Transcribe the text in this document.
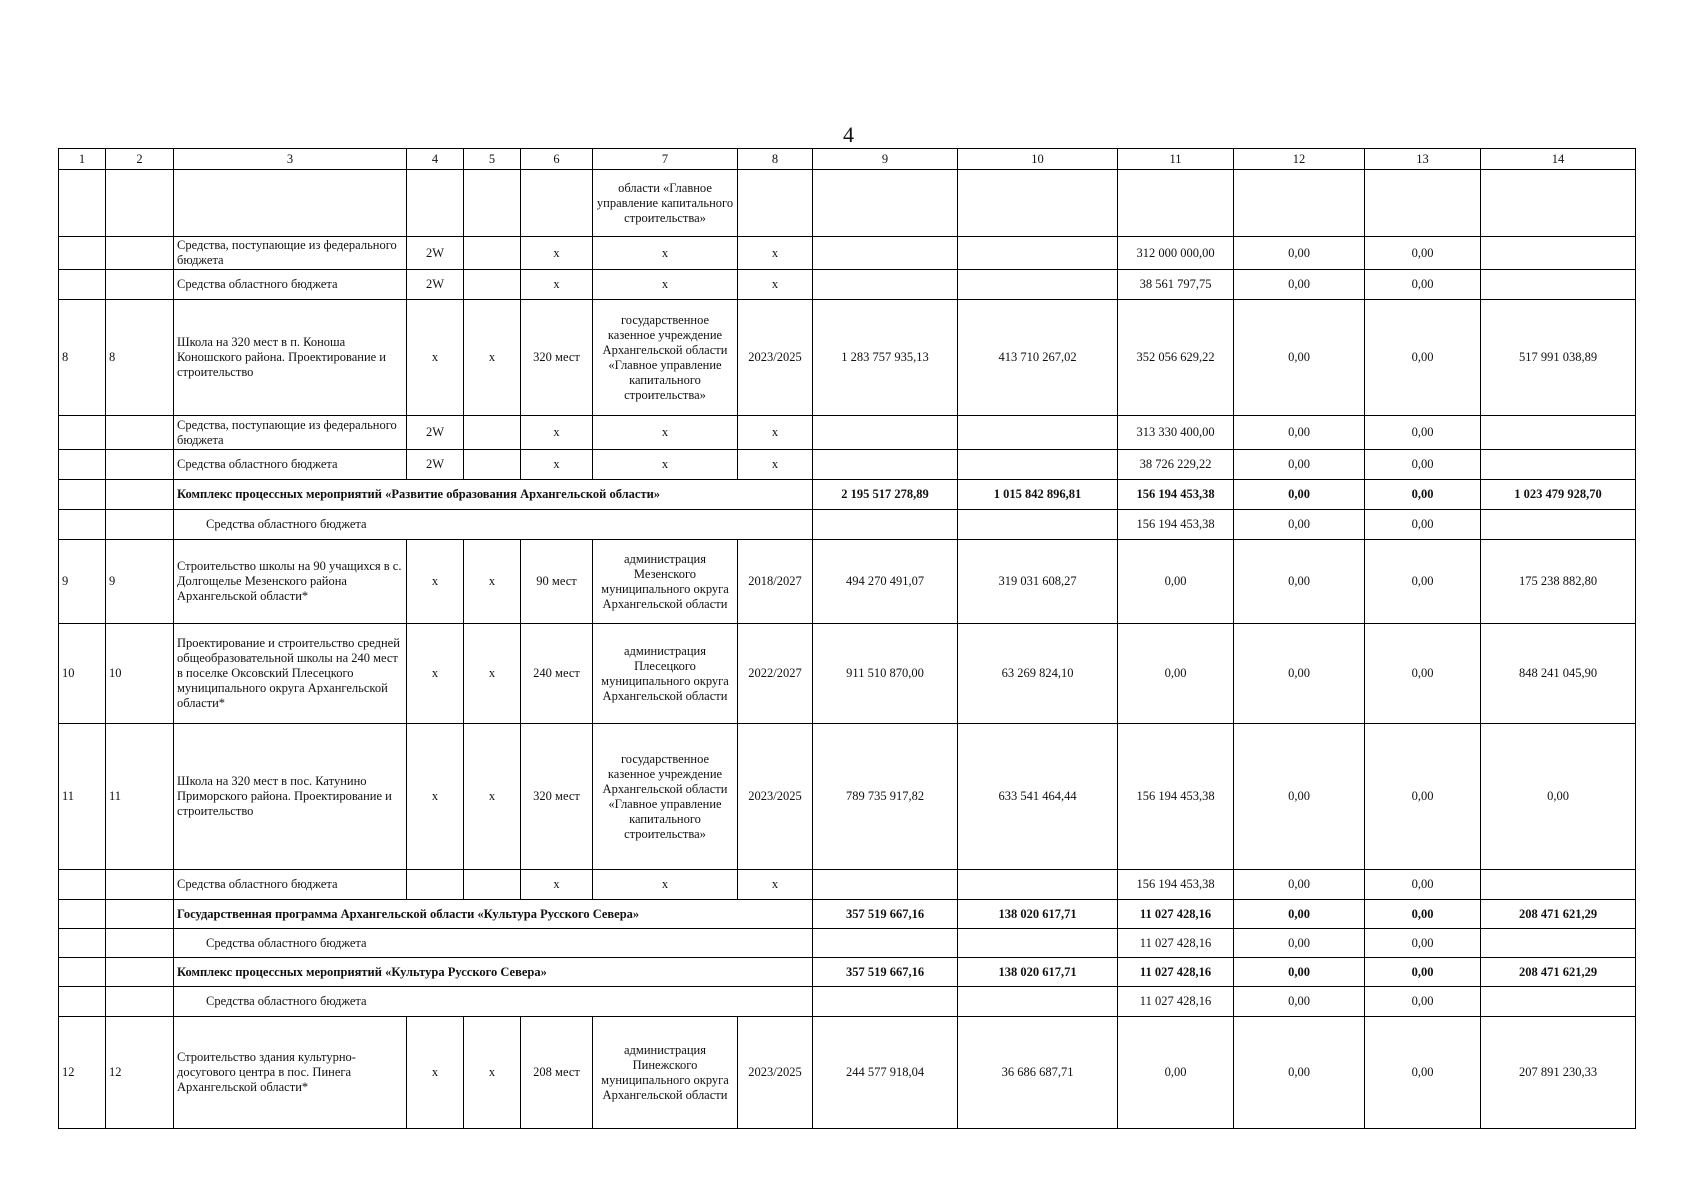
4
1	2	3	4	5	6	7	8	9	10	11	12	13	14
						области «Главное управление капитального строительства»							
		Средства, поступающие из федерального бюджета	2W		х	х	х			312 000 000,00	0,00	0,00	
		Средства областного бюджета	2W		х	х	х			38 561 797,75	0,00	0,00	
8	8	Школа на 320 мест в п. Коноша Коношского района. Проектирование и строительство	х	х	320 мест	государственное казенное учреждение Архангельской области «Главное управление капитального строительства»	2023/2025	1 283 757 935,13	413 710 267,02	352 056 629,22	0,00	0,00	517 991 038,89
		Средства, поступающие из федерального бюджета	2W		х	х	х			313 330 400,00	0,00	0,00	
		Средства областного бюджета	2W		х	х	х			38 726 229,22	0,00	0,00	
		Комплекс процессных мероприятий «Развитие образования Архангельской области»						2 195 517 278,89	1 015 842 896,81	156 194 453,38	0,00	0,00	1 023 479 928,70
		Средства областного бюджета								156 194 453,38	0,00	0,00	
9	9	Строительство школы на 90 учащихся в с. Долгощелье Мезенского района Архангельской области*	х	х	90 мест	администрация Мезенского муниципального округа Архангельской области	2018/2027	494 270 491,07	319 031 608,27	0,00	0,00	0,00	175 238 882,80
10	10	Проектирование и строительство средней общеобразовательной школы на 240 мест в поселке Оксовский Плесецкого муниципального округа Архангельской области*	х	х	240 мест	администрация Плесецкого муниципального округа Архангельской области	2022/2027	911 510 870,00	63 269 824,10	0,00	0,00	0,00	848 241 045,90
11	11	Школа на 320 мест в пос. Катунино Приморского района. Проектирование и строительство	х	х	320 мест	государственное казенное учреждение Архангельской области «Главное управление капитального строительства»	2023/2025	789 735 917,82	633 541 464,44	156 194 453,38	0,00	0,00	0,00
		Средства областного бюджета			х	х	х			156 194 453,38	0,00	0,00	
		Государственная программа Архангельской области «Культура Русского Севера»						357 519 667,16	138 020 617,71	11 027 428,16	0,00	0,00	208 471 621,29
		Средства областного бюджета								11 027 428,16	0,00	0,00	
		Комплекс процессных мероприятий «Культура Русского Севера»						357 519 667,16	138 020 617,71	11 027 428,16	0,00	0,00	208 471 621,29
		Средства областного бюджета								11 027 428,16	0,00	0,00	
12	12	Строительство здания культурно-досугового центра в пос. Пинега Архангельской области*	х	х	208 мест	администрация Пинежского муниципального округа Архангельской области	2023/2025	244 577 918,04	36 686 687,71	0,00	0,00	0,00	207 891 230,33
